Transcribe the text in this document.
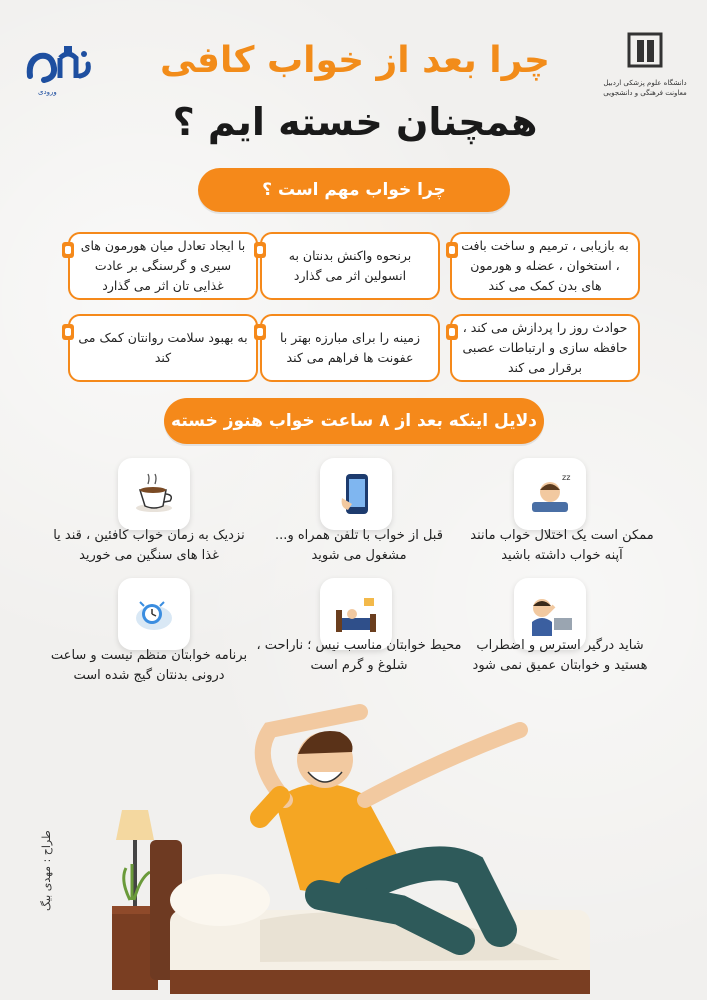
ورودی
دانشگاه علوم پزشکی اردبیل
معاونت فرهنگی و دانشجویی
چرا بعد از خواب کافی
همچنان خسته ایم ؟
چرا خواب مهم است ؟
به بازیابی ، ترمیم و ساخت بافت ، استخوان ، عضله و هورمون های بدن کمک می کند
برنحوه واکنش بدنتان به انسولین اثر می گذارد
با ایجاد تعادل میان هورمون های سیری و گرسنگی بر عادت غذایی تان اثر می گذارد
حوادث روز را پردازش می کند ، حافظه سازی و ارتباطات عصبی برقرار می کند
زمینه را برای مبارزه بهتر با عفونت ها فراهم می کند
به بهبود سلامت روانتان کمک می کند
دلایل اینکه بعد از ۸ ساعت خواب هنوز خسته
zz
ممکن است یک اختلال خواب مانند آپنه خواب داشته باشید
قبل از خواب با تلفن همراه و... مشغول می شوید
نزدیک به زمان خواب کافئین ، قند یا غذا های سنگین می خورید
شاید درگیر استرس و اضطراب هستید و خوابتان عمیق نمی شود
محیط خوابتان مناسب نیس ؛ ناراحت ، شلوغ و گرم است
برنامه خوابتان منظم نیست و ساعت درونی بدنتان گیج شده است
طراح : مهدی بیگ
